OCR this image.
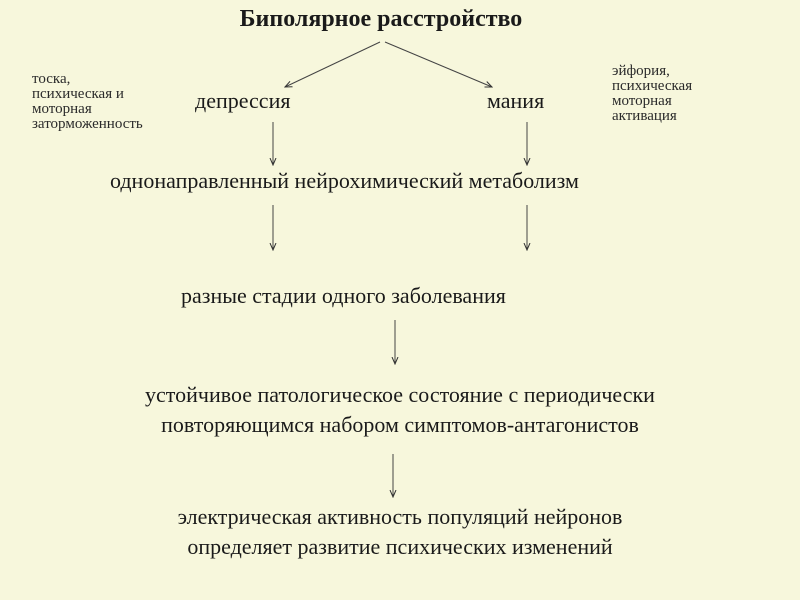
Биполярное расстройство
тоска,
психическая и
моторная
заторможенность
эйфория,
психическая
моторная
активация
депрессия	мания
однонаправленный нейрохимический метаболизм
разные стадии одного заболевания
устойчивое патологическое состояние с периодически
повторяющимся набором симптомов-антагонистов
электрическая активность популяций нейронов
определяет развитие психических изменений
